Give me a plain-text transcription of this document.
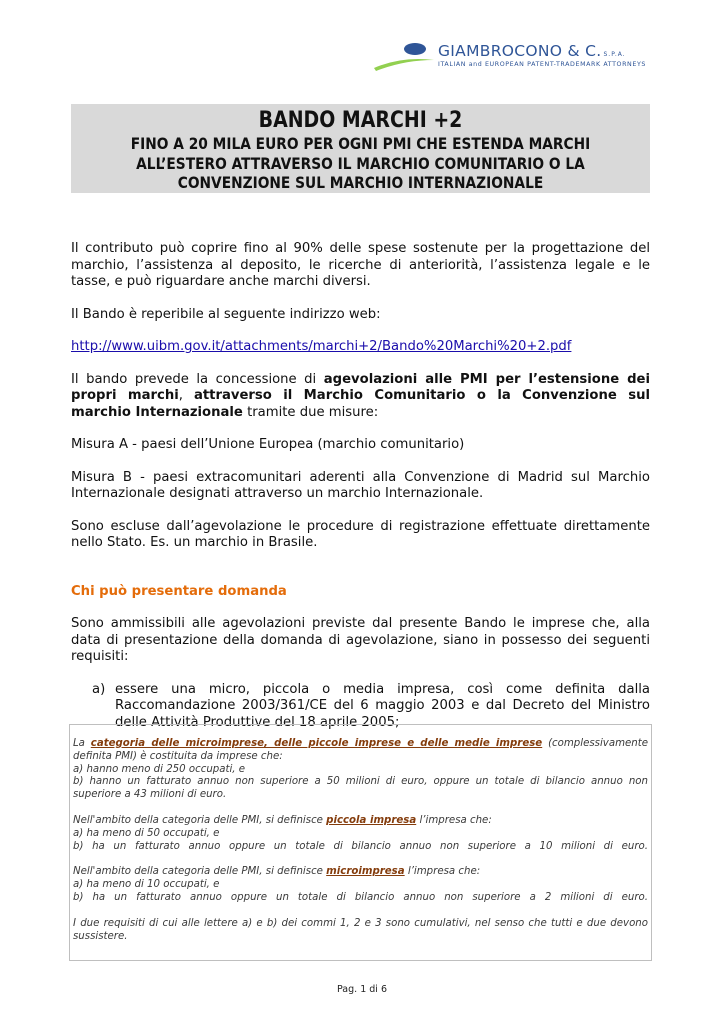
GIAMBROCONO & C. S.P.A.
ITALIAN and EUROPEAN PATENT-TRADEMARK ATTORNEYS
BANDO MARCHI +2
FINO A 20 MILA EURO PER OGNI PMI CHE ESTENDA MARCHI
ALL’ESTERO ATTRAVERSO IL MARCHIO COMUNITARIO O LA
CONVENZIONE SUL MARCHIO INTERNAZIONALE

Il contributo può coprire fino al 90% delle spese sostenute per la progettazione del marchio, l’assistenza al deposito, le ricerche di anteriorità, l’assistenza legale e le tasse, e può riguardare anche marchi diversi.

Il Bando è reperibile al seguente indirizzo web:

http://www.uibm.gov.it/attachments/marchi+2/Bando%20Marchi%20+2.pdf

Il bando prevede la concessione di agevolazioni alle PMI per l’estensione dei propri marchi, attraverso il Marchio Comunitario o la Convenzione sul marchio Internazionale tramite due misure:

Misura A - paesi dell’Unione Europea (marchio comunitario)

Misura B - paesi extracomunitari aderenti alla Convenzione di Madrid sul Marchio Internazionale designati attraverso un marchio Internazionale.

Sono escluse dall’agevolazione le procedure di registrazione effettuate direttamente nello Stato. Es. un marchio in Brasile.

Chi può presentare domanda

Sono ammissibili alle agevolazioni previste dal presente Bando le imprese che, alla data di presentazione della domanda di agevolazione, siano in possesso dei seguenti requisiti:

a) essere una micro, piccola o media impresa, così come definita dalla Raccomandazione 2003/361/CE del 6 maggio 2003 e dal Decreto del Ministro delle Attività Produttive del 18 aprile 2005;

La categoria delle microimprese, delle piccole imprese e delle medie imprese (complessivamente definita PMI) è costituita da imprese che:

a) hanno meno di 250 occupati, e

b) hanno un fatturato annuo non superiore a 50 milioni di euro, oppure un totale di bilancio annuo non superiore a 43 milioni di euro.

Nell'ambito della categoria delle PMI, si definisce piccola impresa l’impresa che:

a) ha meno di 50 occupati, e

b) ha un fatturato annuo oppure un totale di bilancio annuo non superiore a 10 milioni di euro.

Nell'ambito della categoria delle PMI, si definisce microimpresa l’impresa che:

a) ha meno di 10 occupati, e

b) ha un fatturato annuo oppure un totale di bilancio annuo non superiore a 2 milioni di euro.

I due requisiti di cui alle lettere a) e b) dei commi 1, 2 e 3 sono cumulativi, nel senso che tutti e due devono sussistere.

Pag. 1 di 6
